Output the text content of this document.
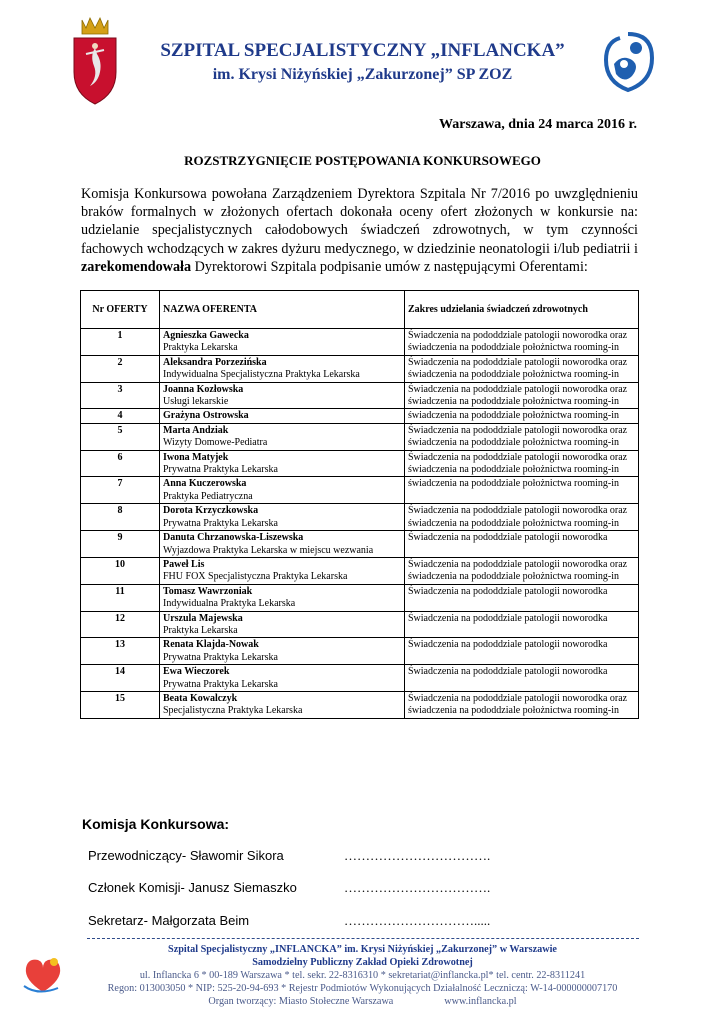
SZPITAL SPECJALISTYCZNY „INFLANCKA”
im. Krysi Niżyńskiej „Zakurzonej” SP ZOZ
Warszawa, dnia 24 marca 2016 r.
ROZSTRZYGNIĘCIE POSTĘPOWANIA KONKURSOWEGO
Komisja Konkursowa powołana Zarządzeniem Dyrektora Szpitala Nr 7/2016 po uwzględnieniu braków formalnych w złożonych ofertach dokonała oceny ofert złożonych w konkursie na: udzielanie specjalistycznych całodobowych świadczeń zdrowotnych, w tym czynności fachowych wchodzących w zakres dyżuru medycznego, w dziedzinie neonatologii i/lub pediatrii i zarekomendowała Dyrektorowi Szpitala podpisanie umów z następującymi Oferentami:
Nr OFERTY	NAZWA OFERENTA	Zakres udzielania świadczeń zdrowotnych
1	Agnieszka Gawecka
Praktyka Lekarska	Świadczenia na pododdziale patologii noworodka oraz świadczenia na pododdziale położnictwa rooming-in
2	Aleksandra Porzezińska
Indywidualna Specjalistyczna Praktyka Lekarska	Świadczenia na pododdziale patologii noworodka oraz świadczenia na pododdziale położnictwa rooming-in
3	Joanna Kozłowska
Usługi lekarskie	Świadczenia na pododdziale patologii noworodka oraz świadczenia na pododdziale położnictwa rooming-in
4	Grażyna Ostrowska	świadczenia na pododdziale położnictwa rooming-in
5	Marta Andziak
Wizyty Domowe-Pediatra	Świadczenia na pododdziale patologii noworodka oraz świadczenia na pododdziale położnictwa rooming-in
6	Iwona Matyjek
Prywatna Praktyka Lekarska	Świadczenia na pododdziale patologii noworodka oraz świadczenia na pododdziale położnictwa rooming-in
7	Anna Kuczerowska
Praktyka Pediatryczna	świadczenia na pododdziale położnictwa rooming-in
8	Dorota Krzyczkowska
Prywatna Praktyka Lekarska	Świadczenia na pododdziale patologii noworodka oraz świadczenia na pododdziale położnictwa rooming-in
9	Danuta Chrzanowska-Liszewska
Wyjazdowa Praktyka Lekarska w miejscu wezwania	Świadczenia na pododdziale patologii noworodka
10	Paweł Lis
FHU FOX Specjalistyczna Praktyka Lekarska	Świadczenia na pododdziale patologii noworodka oraz świadczenia na pododdziale położnictwa rooming-in
11	Tomasz Wawrzoniak
Indywidualna Praktyka Lekarska	Świadczenia na pododdziale patologii noworodka
12	Urszula Majewska
Praktyka Lekarska	Świadczenia na pododdziale patologii noworodka
13	Renata Klajda-Nowak
Prywatna Praktyka Lekarska	Świadczenia na pododdziale patologii noworodka
14	Ewa Wieczorek
Prywatna Praktyka Lekarska	Świadczenia na pododdziale patologii noworodka
15	Beata Kowalczyk
Specjalistyczna Praktyka Lekarska	Świadczenia na pododdziale patologii noworodka oraz świadczenia na pododdziale położnictwa rooming-in
Komisja Konkursowa:
Przewodniczący- Sławomir Sikora	…………………………….
Członek Komisji- Janusz Siemaszko	…………………………….
Sekretarz- Małgorzata Beim	………………………….....
Szpital Specjalistyczny „INFLANCKA” im. Krysi Niżyńskiej „Zakurzonej” w Warszawie
Samodzielny Publiczny Zakład Opieki Zdrowotnej
ul. Inflancka 6 * 00-189 Warszawa * tel. sekr. 22-8316310 * sekretariat@inflancka.pl* tel. centr. 22-8311241
Regon: 013003050 * NIP: 525-20-94-693 * Rejestr Podmiotów Wykonujących Działalność Leczniczą: W-14-000000007170
Organ tworzący: Miasto Stołeczne Warszawa                    www.inflancka.pl
